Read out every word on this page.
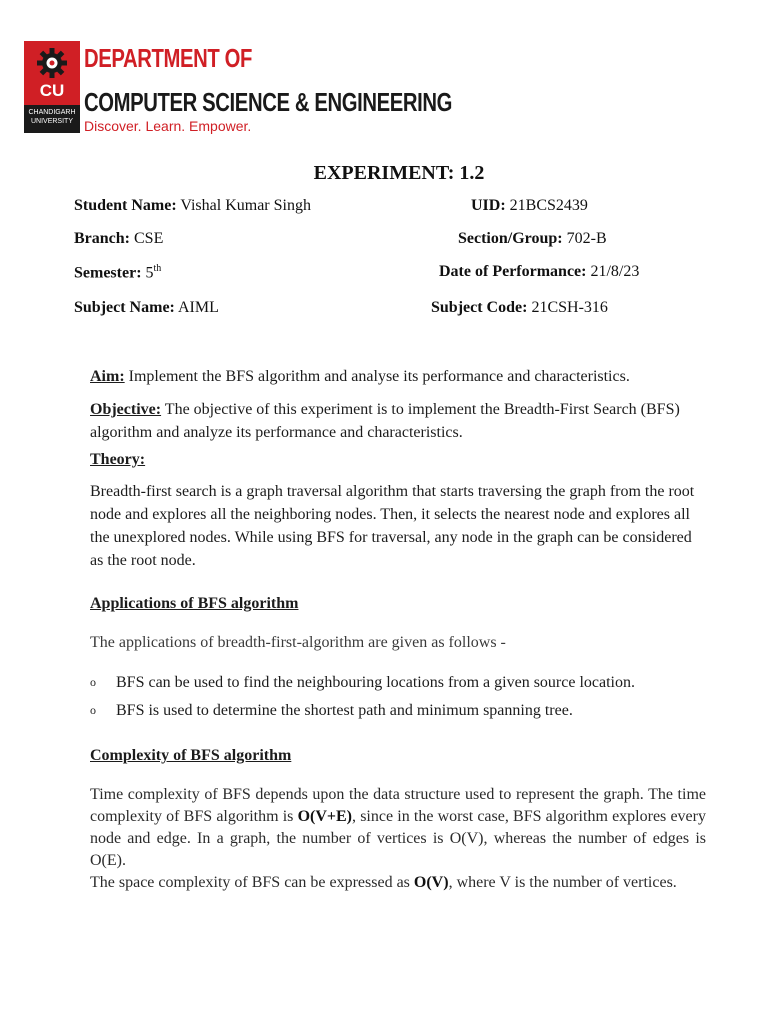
CU
CHANDIGARH UNIVERSITY
DEPARTMENT OF
COMPUTER SCIENCE & ENGINEERING
Discover. Learn. Empower.
EXPERIMENT: 1.2
Student Name: Vishal Kumar Singh	UID: 21BCS2439
Branch: CSE	Section/Group: 702-B
Semester: 5th	Date of Performance: 21/8/23
Subject Name: AIML	Subject Code: 21CSH-316

Aim: Implement the BFS algorithm and analyse its performance and characteristics.

Objective: The objective of this experiment is to implement the Breadth-First Search (BFS) algorithm and analyze its performance and characteristics.

Theory:

Breadth-first search is a graph traversal algorithm that starts traversing the graph from the root node and explores all the neighboring nodes. Then, it selects the nearest node and explores all the unexplored nodes. While using BFS for traversal, any node in the graph can be considered as the root node.

Applications of BFS algorithm

The applications of breadth-first-algorithm are given as follows -

o BFS can be used to find the neighbouring locations from a given source location.
o BFS is used to determine the shortest path and minimum spanning tree.

Complexity of BFS algorithm

Time complexity of BFS depends upon the data structure used to represent the graph. The time complexity of BFS algorithm is O(V+E), since in the worst case, BFS algorithm explores every node and edge. In a graph, the number of vertices is O(V), whereas the number of edges is O(E).
The space complexity of BFS can be expressed as O(V), where V is the number of vertices.
